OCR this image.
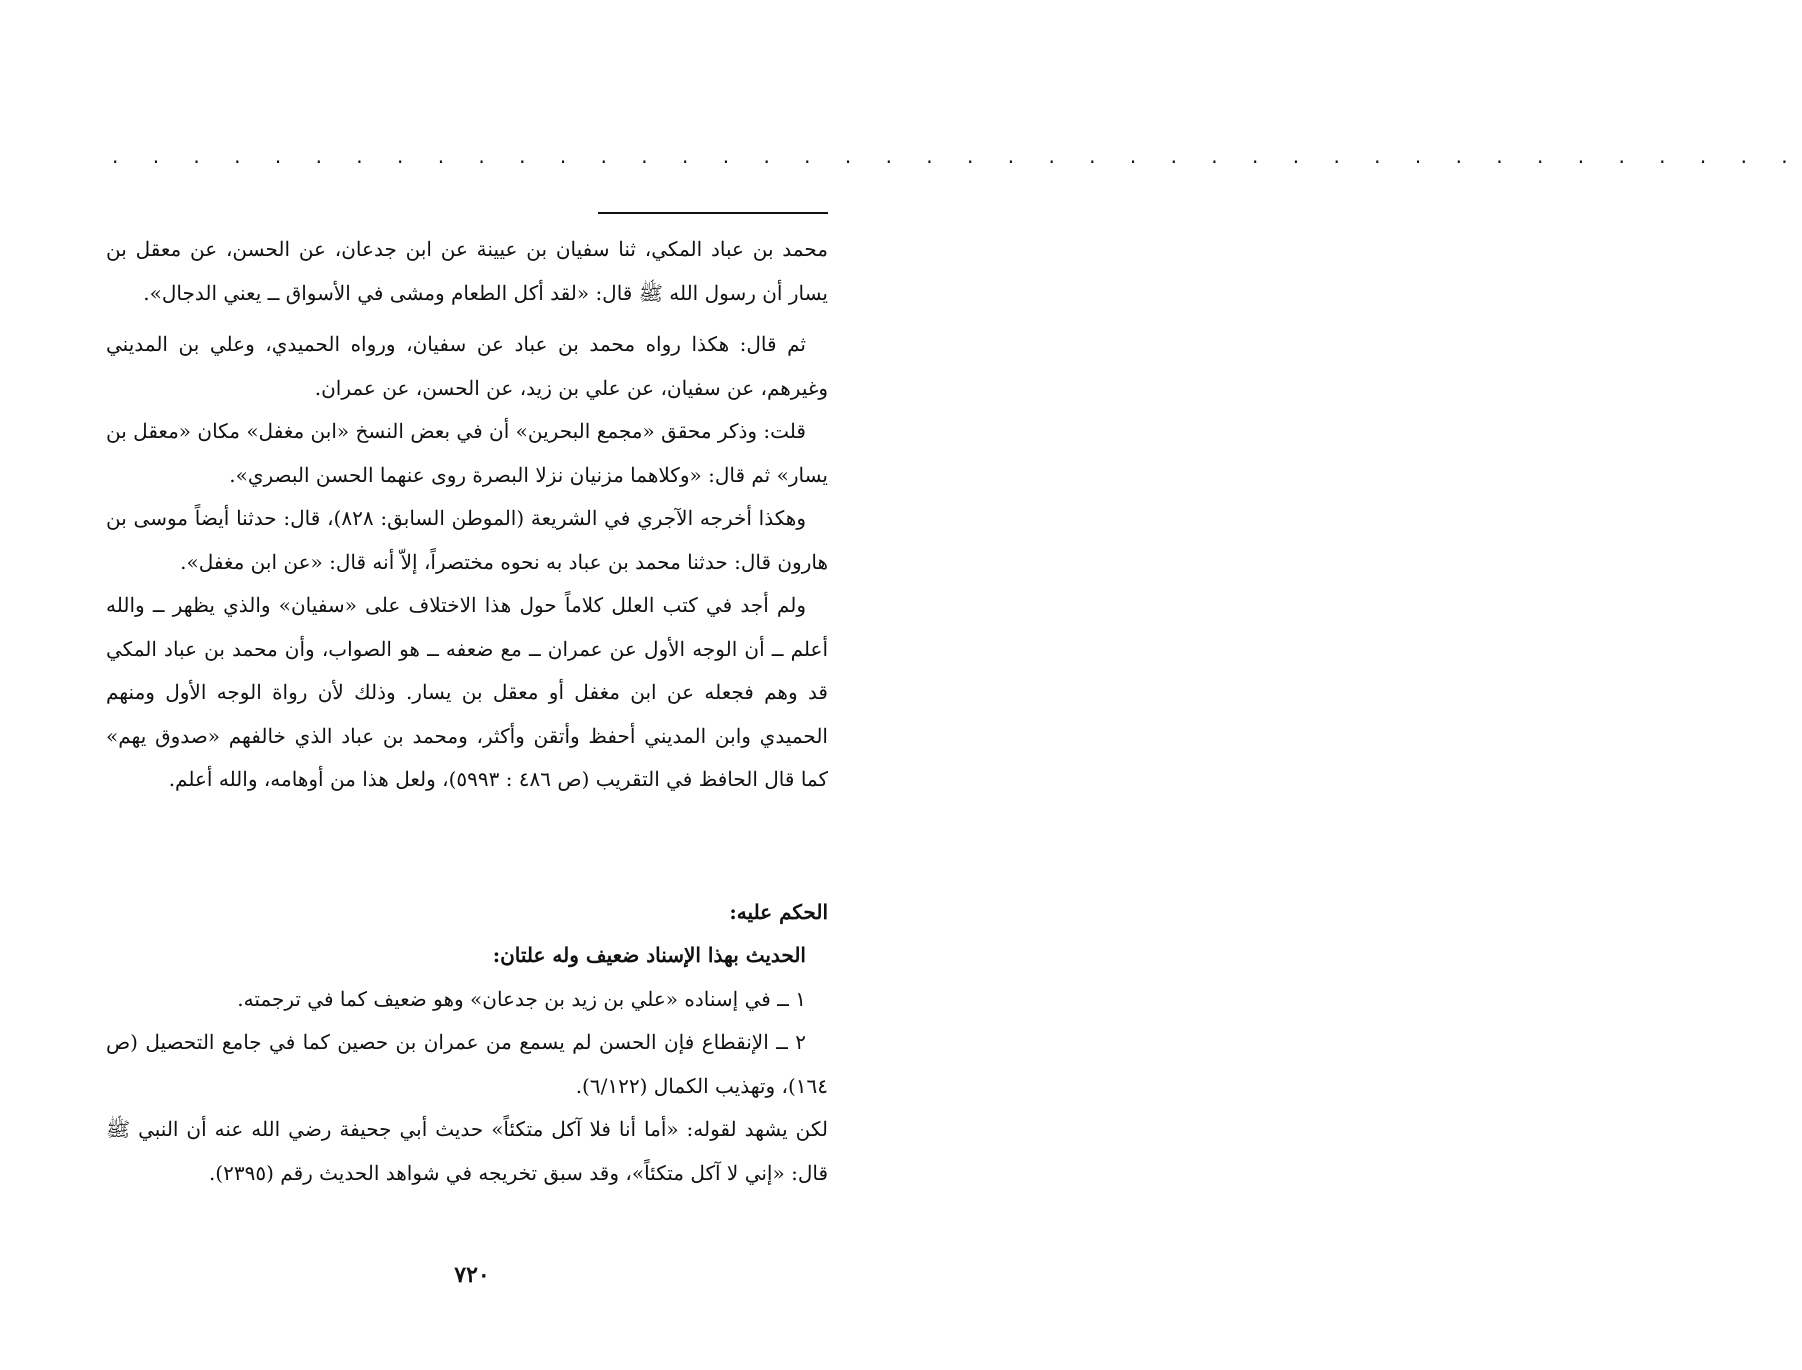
. . . . . . . . . . . . . . . . . . . . . . . . . . . . . . . . . . . . . . . . . .

محمد بن عباد المكي، ثنا سفيان بن عيينة عن ابن جدعان، عن الحسن، عن معقل بن يسار أن رسول الله ﷺ قال: «لقد أكل الطعام ومشى في الأسواق ــ يعني الدجال».

ثم قال: هكذا رواه محمد بن عباد عن سفيان، ورواه الحميدي، وعلي بن المديني وغيرهم، عن سفيان، عن علي بن زيد، عن الحسن، عن عمران.

قلت: وذكر محقق «مجمع البحرين» أن في بعض النسخ «ابن مغفل» مكان «معقل بن يسار» ثم قال: «وكلاهما مزنيان نزلا البصرة روى عنهما الحسن البصري».

وهكذا أخرجه الآجري في الشريعة (الموطن السابق: ٨٢٨)، قال: حدثنا أيضاً موسى بن هارون قال: حدثنا محمد بن عباد به نحوه مختصراً، إلاّ أنه قال: «عن ابن مغفل».

ولم أجد في كتب العلل كلاماً حول هذا الاختلاف على «سفيان» والذي يظهر ــ والله أعلم ــ أن الوجه الأول عن عمران ــ مع ضعفه ــ هو الصواب، وأن محمد بن عباد المكي قد وهم فجعله عن ابن مغفل أو معقل بن يسار. وذلك لأن رواة الوجه الأول ومنهم الحميدي وابن المديني أحفظ وأتقن وأكثر، ومحمد بن عباد الذي خالفهم «صدوق يهم» كما قال الحافظ في التقريب (ص ٤٨٦ : ٥٩٩٣)، ولعل هذا من أوهامه، والله أعلم.

الحكم عليه:

الحديث بهذا الإسناد ضعيف وله علتان:

١ ــ في إسناده «علي بن زيد بن جدعان» وهو ضعيف كما في ترجمته.

٢ ــ الإنقطاع فإن الحسن لم يسمع من عمران بن حصين كما في جامع التحصيل (ص ١٦٤)، وتهذيب الكمال (٦/١٢٢).

لكن يشهد لقوله: «أما أنا فلا آكل متكئاً» حديث أبي جحيفة رضي الله عنه أن النبي ﷺ قال: «إني لا آكل متكئاً»، وقد سبق تخريجه في شواهد الحديث رقم (٢٣٩٥).

٧٢٠
